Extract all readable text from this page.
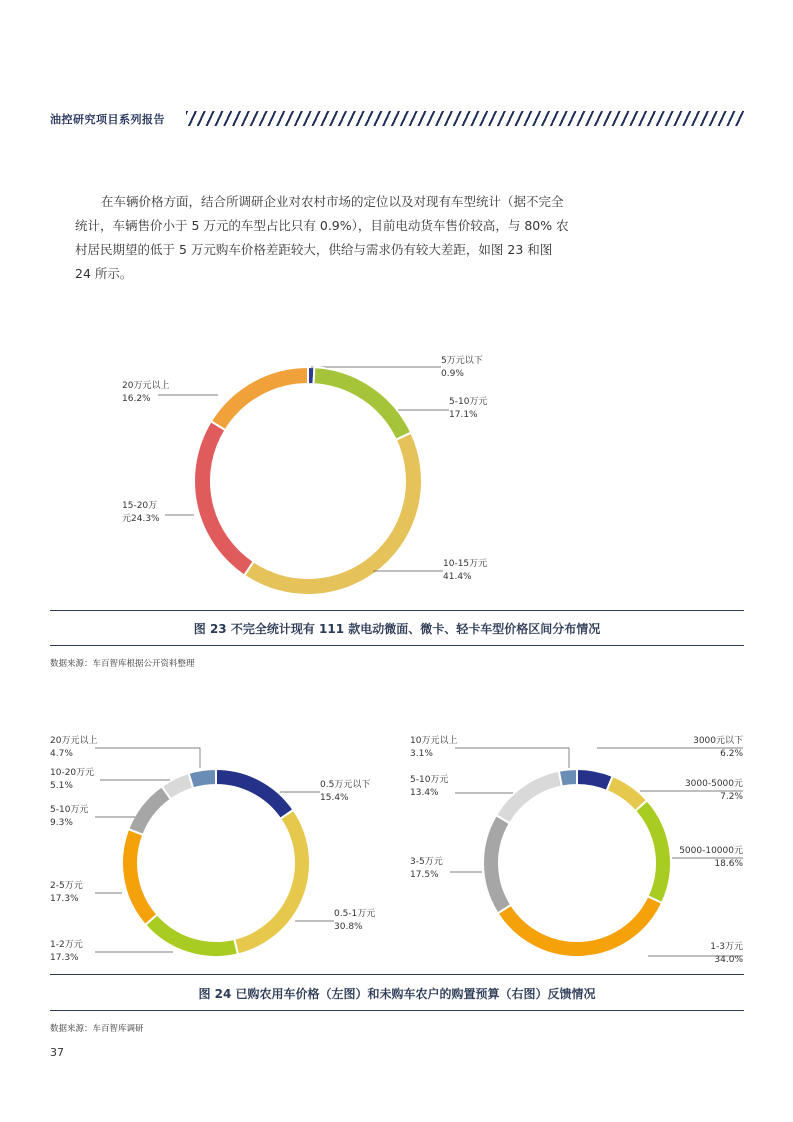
油控研究项目系列报告

在车辆价格方面，结合所调研企业对农村市场的定位以及对现有车型统计（据不完全统计，车辆售价小于 5 万元的车型占比只有 0.9%），目前电动货车售价较高，与 80% 农村居民期望的低于 5 万元购车价格差距较大，供给与需求仍有较大差距，如图 23 和图 24 所示。

5万元以下
0.9%
5-10万元
17.1%
10-15万元
41.4%
15-20万
元24.3%
20万元以上
16.2%
0.5万元以下
15.4%
0.5-1万元
30.8%
1-2万元
17.3%
2-5万元
17.3%
5-10万元
9.3%
10-20万元
5.1%
20万元以上
4.7%
3000元以下
6.2%
3000-5000元
7.2%
5000-10000元
18.6%
1-3万元
34.0%
3-5万元
17.5%
5-10万元
13.4%
10万元以上
3.1%
图 23 不完全统计现有 111 款电动微面、微卡、轻卡车型价格区间分布情况
数据来源：车百智库根据公开资料整理
图 24 已购农用车价格（左图）和未购车农户的购置预算（右图）反馈情况
数据来源：车百智库调研
37
